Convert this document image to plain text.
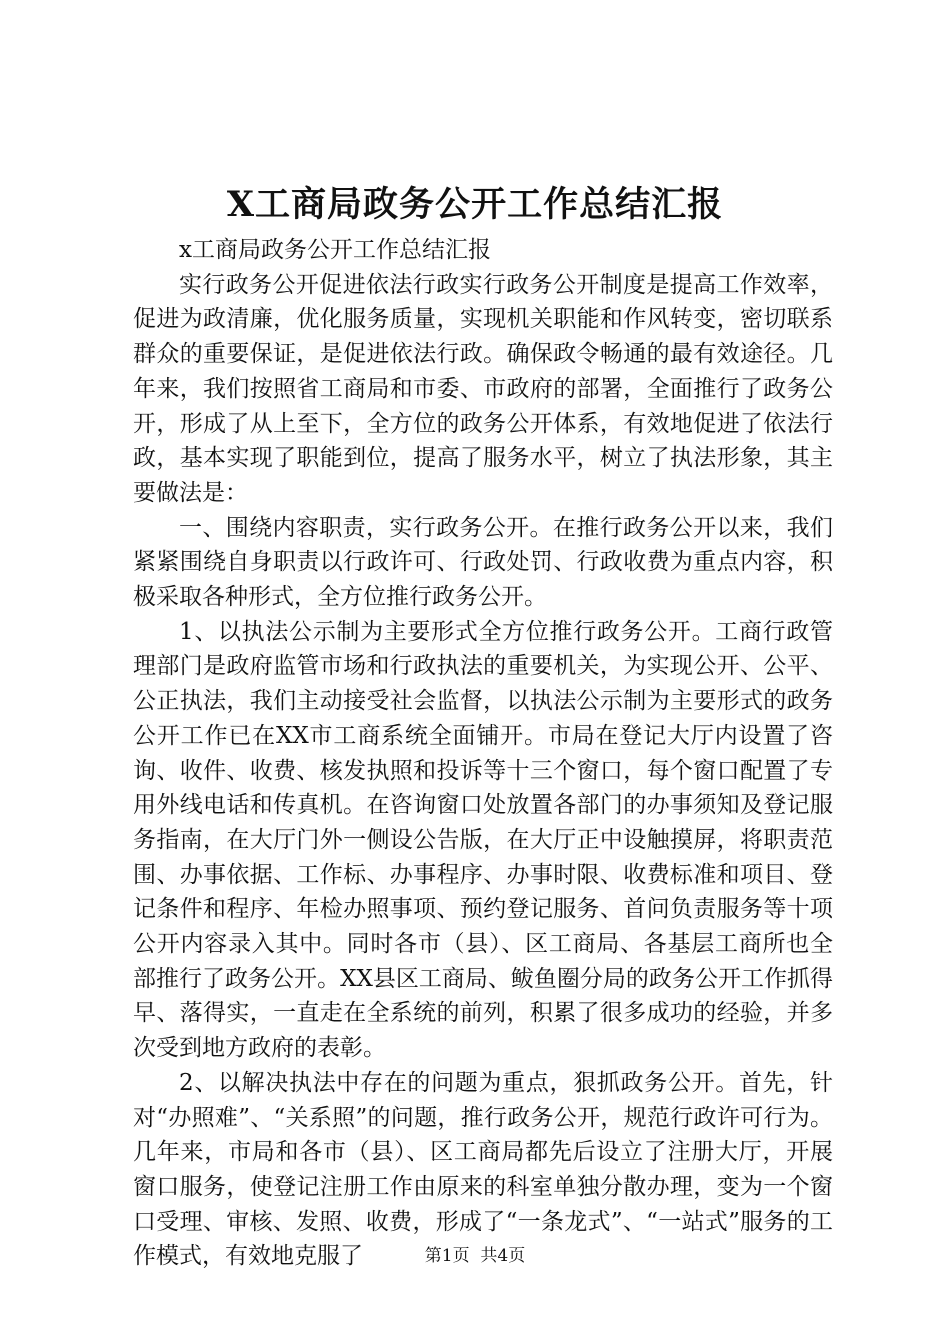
X工商局政务公开工作总结汇报

x工商局政务公开工作总结汇报

实行政务公开促进依法行政实行政务公开制度是提高工作效率，促进为政清廉，优化服务质量，实现机关职能和作风转变，密切联系群众的重要保证，是促进依法行政。确保政令畅通的最有效途径。几年来，我们按照省工商局和市委、市政府的部署，全面推行了政务公开，形成了从上至下，全方位的政务公开体系，有效地促进了依法行政，基本实现了职能到位，提高了服务水平，树立了执法形象，其主要做法是：

一、围绕内容职责，实行政务公开。在推行政务公开以来，我们紧紧围绕自身职责以行政许可、行政处罚、行政收费为重点内容，积极采取各种形式，全方位推行政务公开。

1、以执法公示制为主要形式全方位推行政务公开。工商行政管理部门是政府监管市场和行政执法的重要机关，为实现公开、公平、公正执法，我们主动接受社会监督，以执法公示制为主要形式的政务公开工作已在XX市工商系统全面铺开。市局在登记大厅内设置了咨询、收件、收费、核发执照和投诉等十三个窗口，每个窗口配置了专用外线电话和传真机。在咨询窗口处放置各部门的办事须知及登记服务指南，在大厅门外一侧设公告版，在大厅正中设触摸屏，将职责范围、办事依据、工作标、办事程序、办事时限、收费标准和项目、登记条件和程序、年检办照事项、预约登记服务、首问负责服务等十项公开内容录入其中。同时各市（县）、区工商局、各基层工商所也全部推行了政务公开。XX县区工商局、鲅鱼圈分局的政务公开工作抓得早、落得实，一直走在全系统的前列，积累了很多成功的经验，并多次受到地方政府的表彰。

2、以解决执法中存在的问题为重点，狠抓政务公开。首先，针对“办照难”、“关系照”的问题，推行政务公开，规范行政许可行为。几年来，市局和各市（县）、区工商局都先后设立了注册大厅，开展窗口服务，使登记注册工作由原来的科室单独分散办理，变为一个窗口受理、审核、发照、收费，形成了“一条龙式”、“一站式”服务的工作模式，有效地克服了	第1页 共4页
